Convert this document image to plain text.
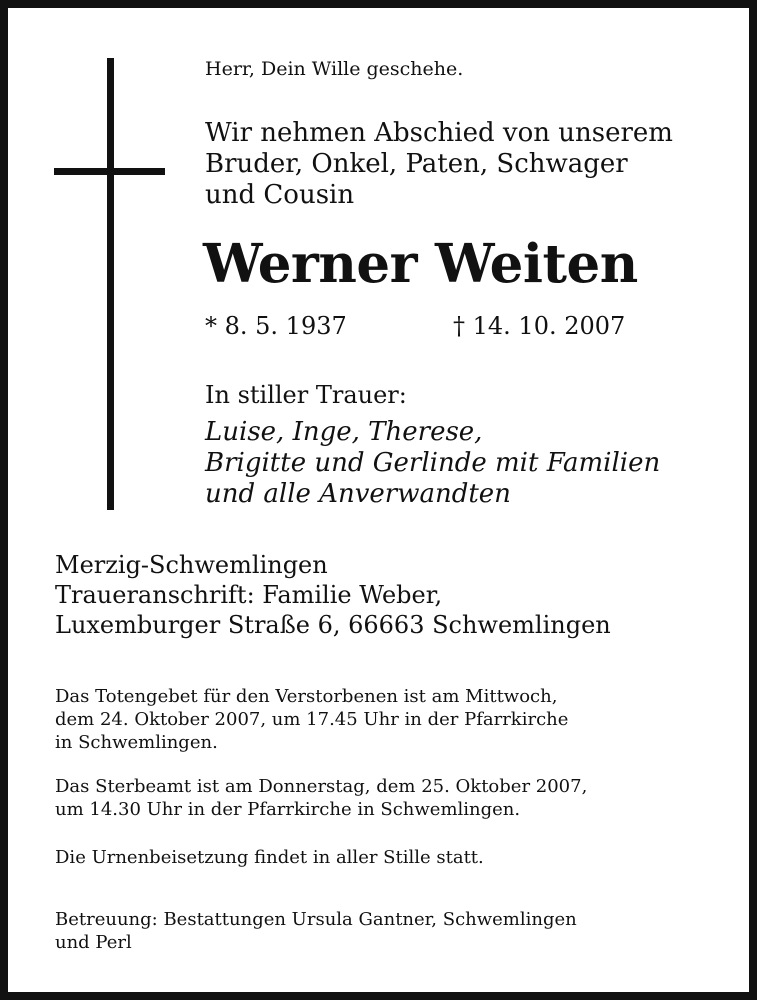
Herr, Dein Wille geschehe.
Wir nehmen Abschied von unserem
Bruder, Onkel, Paten, Schwager
und Cousin
Werner Weiten
* 8. 5. 1937	† 14. 10. 2007
In stiller Trauer:
Luise, Inge, Therese,
Brigitte und Gerlinde mit Familien
und alle Anverwandten
Merzig-Schwemlingen
Traueranschrift: Familie Weber,
Luxemburger Straße 6, 66663 Schwemlingen
Das Totengebet für den Verstorbenen ist am Mittwoch,
dem 24. Oktober 2007, um 17.45 Uhr in der Pfarrkirche
in Schwemlingen.
Das Sterbeamt ist am Donnerstag, dem 25. Oktober 2007,
um 14.30 Uhr in der Pfarrkirche in Schwemlingen.
Die Urnenbeisetzung findet in aller Stille statt.
Betreuung: Bestattungen Ursula Gantner, Schwemlingen
und Perl
